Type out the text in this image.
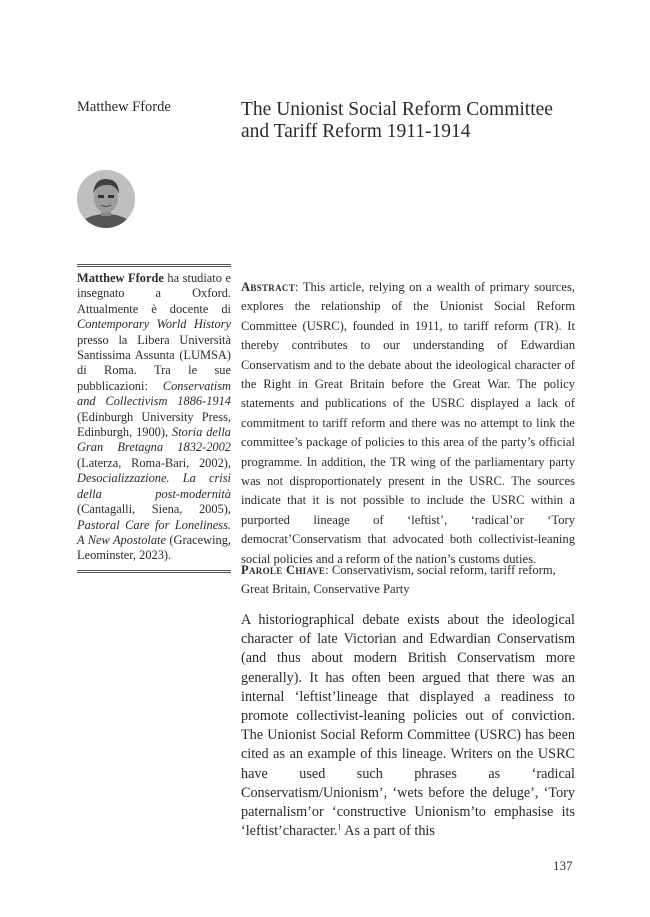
Matthew Fforde	The Unionist Social Reform Committee and Tariff Reform 1911-1914

Matthew Fforde ha studiato e insegnato a Oxford. Attualmente è docente di Contemporary World History presso la Libera Università Santissima Assunta (LUMSA) di Roma. Tra le sue pubblicazioni: Conservatism and Collectivism 1886-1914 (Edinburgh University Press, Edinburgh, 1900), Storia della Gran Bretagna 1832-2002 (Laterza, Roma-Bari, 2002), Desocializzazione. La crisi della post-modernità (Cantagalli, Siena, 2005), Pastoral Care for Loneliness. A New Apostolate (Gracewing, Leominster, 2023).

Abstract: This article, relying on a wealth of primary sources, explores the relationship of the Unionist Social Reform Committee (USRC), founded in 1911, to tariff reform (TR). It thereby contributes to our understanding of Edwardian Conservatism and to the debate about the ideological character of the Right in Great Britain before the Great War. The policy statements and publications of the USRC displayed a lack of commitment to tariff reform and there was no attempt to link the committee’s package of policies to this area of the party’s official programme. In addition, the TR wing of the parliamentary party was not disproportionately present in the USRC. The sources indicate that it is not possible to include the USRC within a purported lineage of ‘leftist’, ‘radical’or ‘Tory democrat’Conservatism that advocated both collectivist-leaning social policies and a reform of the nation’s customs duties.

Parole Chiave: Conservativism, social reform, tariff reform, Great Britain, Conservative Party

A historiographical debate exists about the ideological character of late Victorian and Edwardian Conservatism (and thus about modern British Conservatism more generally). It has often been argued that there was an internal ‘leftist’lineage that displayed a readiness to promote collectivist-leaning policies out of conviction. The Unionist Social Reform Committee (USRC) has been cited as an example of this lineage. Writers on the USRC have used such phrases as ‘radical Conservatism/Unionism’, ‘wets before the deluge’, ‘Tory paternalism’or ‘constructive Unionism’to emphasise its ‘leftist’character.$^1$ As a part of this

137
